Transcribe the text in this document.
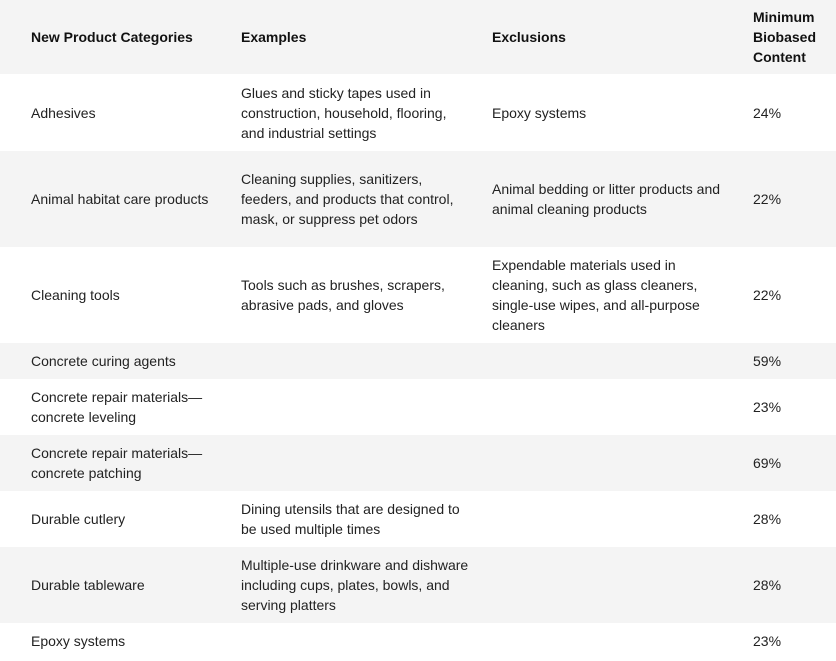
New Product Categories	Examples	Exclusions	Minimum Biobased Content
Adhesives	Glues and sticky tapes used in construction, household, flooring, and industrial settings	Epoxy systems	24%
Animal habitat care products	Cleaning supplies, sanitizers, feeders, and products that control, mask, or suppress pet odors	Animal bedding or litter products and animal cleaning products	22%
Cleaning tools	Tools such as brushes, scrapers, abrasive pads, and gloves	Expendable materials used in cleaning, such as glass cleaners, single-use wipes, and all-purpose cleaners	22%
Concrete curing agents			59%
Concrete repair materials—concrete leveling			23%
Concrete repair materials—concrete patching			69%
Durable cutlery	Dining utensils that are designed to be used multiple times		28%
Durable tableware	Multiple-use drinkware and dishware including cups, plates, bowls, and serving platters		28%
Epoxy systems			23%
